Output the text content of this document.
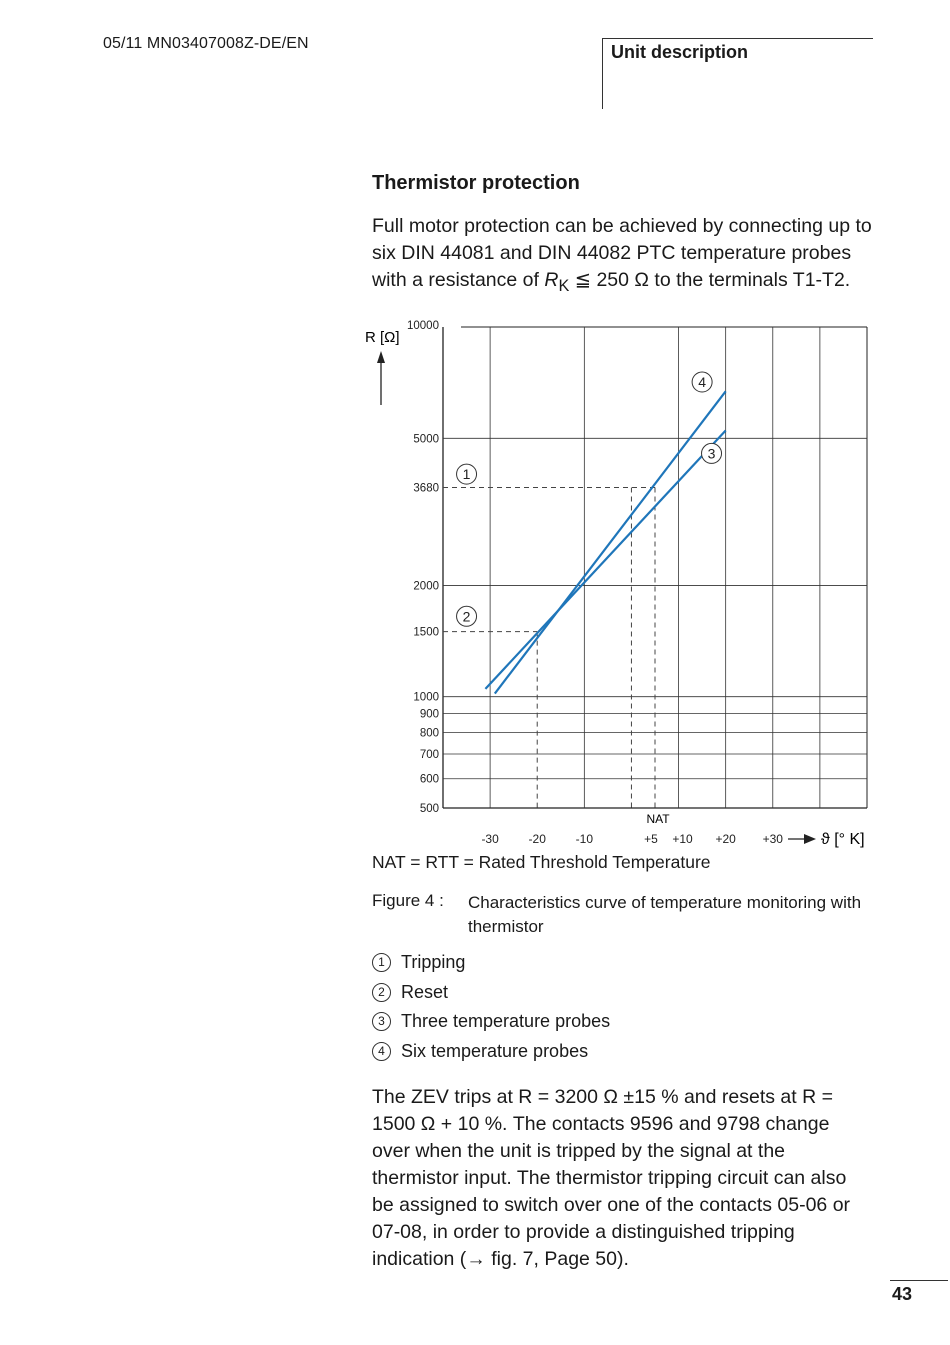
05/11 MN03407008Z-DE/EN	Unit description
Thermistor protection

Full motor protection can be achieved by connecting up to six DIN 44081 and DIN 44082 PTC temperature probes with a resistance of $R_K$ ≦ 250 Ω to the terminals T1-T2.

10000
5000
3680
2000
1500
1000
900
800
700
600
500
-30 -20 -10	+5 +10 +20 +30
1
2
3
4
R [Ω]
NAT
ϑ [° K]
NAT = RTT = Rated Threshold Temperature
Figure 4 : Characteristics curve of temperature monitoring with thermistor
1 Tripping
2 Reset
3 Three temperature probes
4 Six temperature probes

The ZEV trips at R = 3200 Ω ±15 % and resets at R = 1500 Ω + 10 %. The contacts 9596 and 9798 change over when the unit is tripped by the signal at the thermistor input. The thermistor tripping circuit can also be assigned to switch over one of the contacts 05-06 or 07-08, in order to provide a distinguished tripping indication (→ fig. 7, Page 50).

43
